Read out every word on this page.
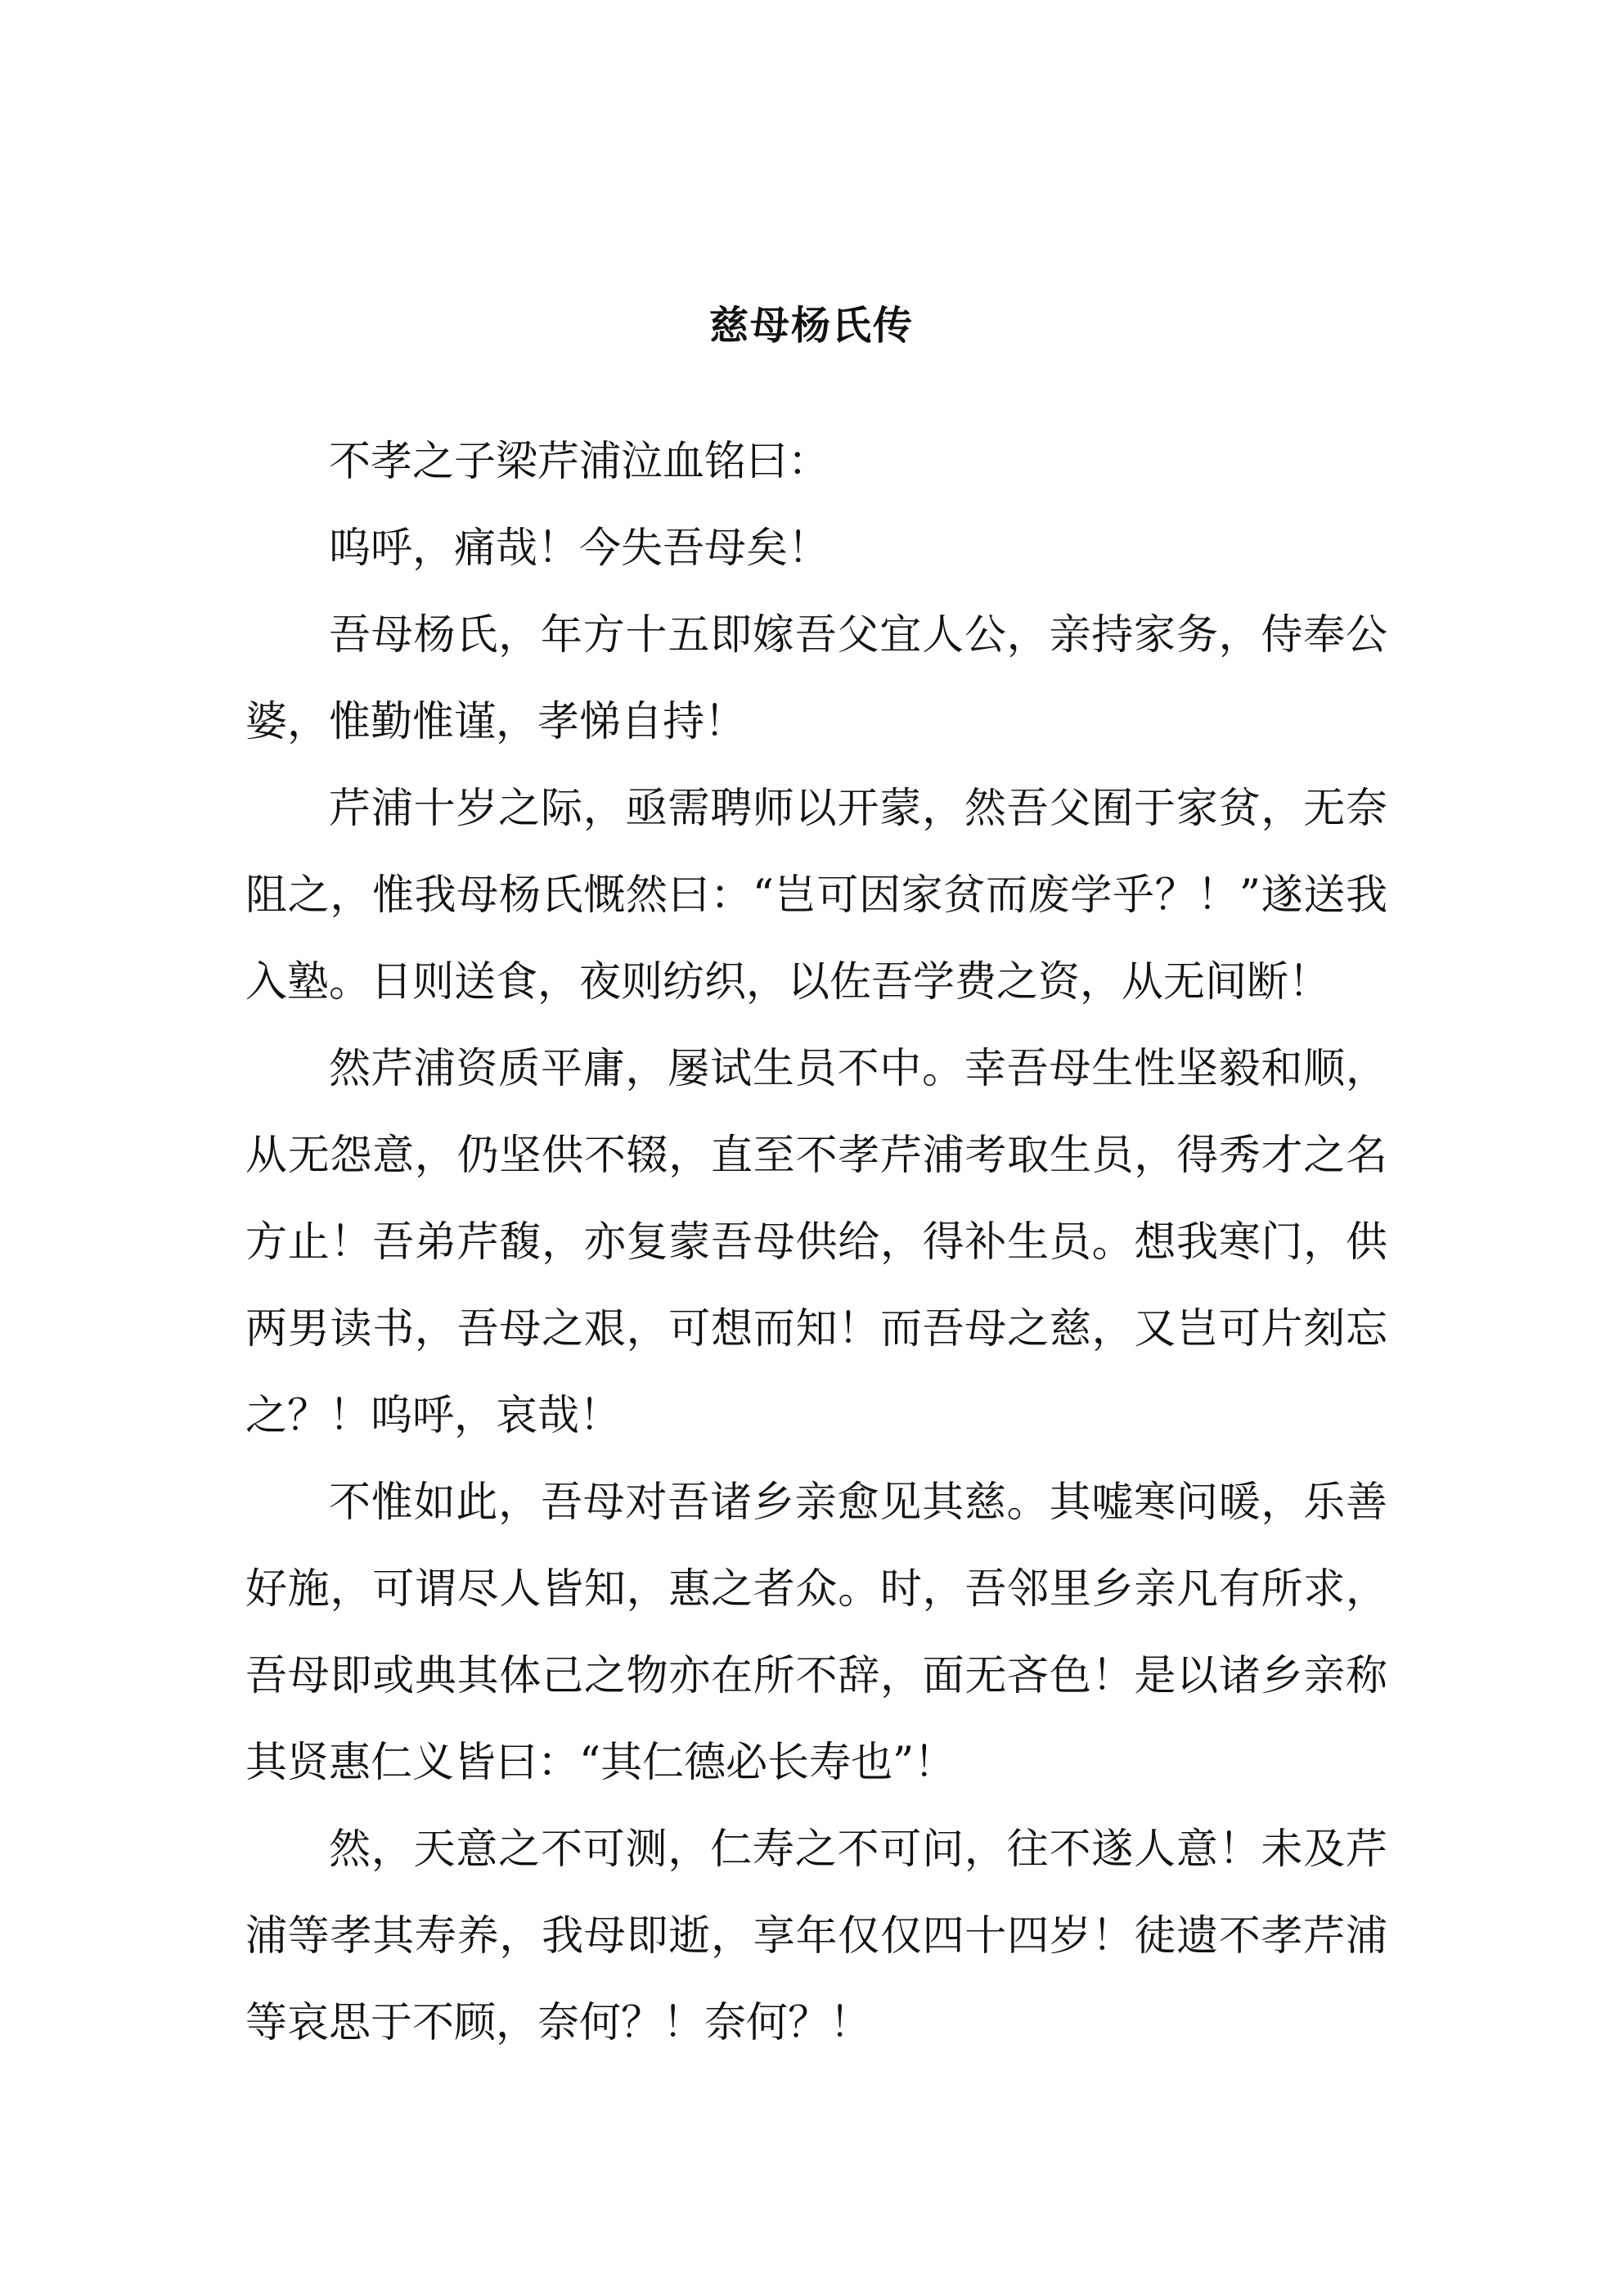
慈母杨氏传

不孝之子梁芹浦泣血铭曰：

呜呼，痛哉！今失吾母矣！

吾母杨氏，年方十五即嫁吾父宜人公，亲持家务，侍奉公婆，惟勤惟谨，孝悌自持！

芹浦十岁之际，亟需聘师以开蒙，然吾父囿于家贫，无奈阻之，惟我母杨氏慨然曰：“岂可因家贫而废学乎？！”遂送我入塾。日则送食，夜则纺织，以佐吾学费之资，从无间断！

然芹浦资质平庸，屡试生员不中。幸吾母生性坚毅和顺，从无怨意，仍坚供不辍，直至不孝芹浦考取生员，得秀才之名方止！吾弟芹馥，亦复蒙吾母供给，得补生员。想我寒门，供两男读书，吾母之艰，可想而知！而吾母之慈，又岂可片刻忘之？！呜呼，哀哉！

不惟如此，吾母对吾诸乡亲愈见其慈。其嘘寒问暖，乐善好施，可谓尽人皆知，惠之者众。时，吾邻里乡亲凡有所求，吾母即或典其体己之物亦在所不辞，面无吝色！是以诸乡亲称其贤惠仁义皆曰：“其仁德必长寿也”！

然，天意之不可测，仁寿之不可问，往不遂人意！未及芹浦等孝其寿养，我母即逝，享年仅仅四十四岁！徒遗不孝芹浦等哀思于不顾，奈何？！奈何？！
